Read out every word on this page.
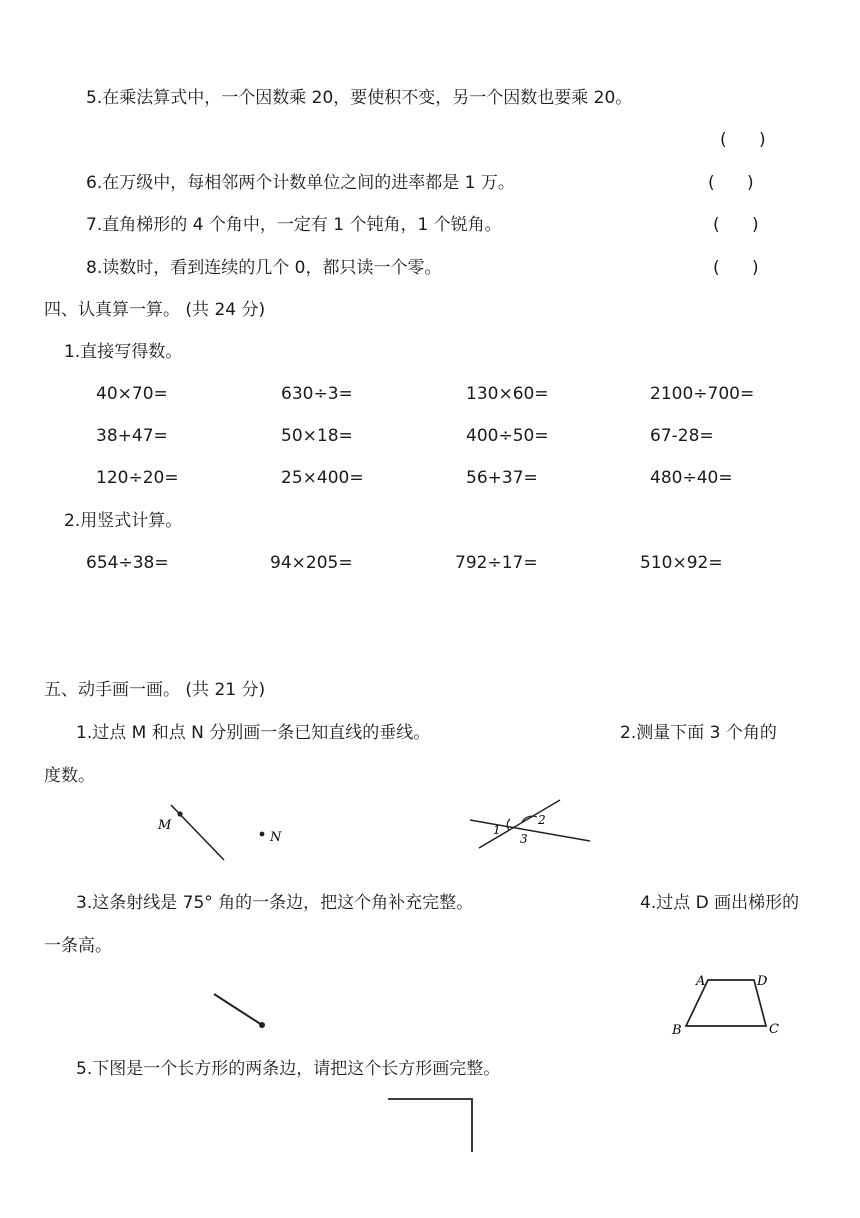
5.在乘法算式中，一个因数乘 20，要使积不变，另一个因数也要乘 20。
(      )
6.在万级中，每相邻两个计数单位之间的进率都是 1 万。	(      )
7.直角梯形的 4 个角中，一定有 1 个钝角，1 个锐角。	(      )
8.读数时，看到连续的几个 0，都只读一个零。	(      )
四、认真算一算。 (共 24 分)
1.直接写得数。
40×70=	630÷3=	130×60=	2100÷700=
38+47=	50×18=	400÷50=	67-28=
120÷20=	25×400=	56+37=	480÷40=
2.用竖式计算。
654÷38=	94×205=	792÷17=	510×92=
五、动手画一画。 (共 21 分)
1.过点 M 和点 N 分别画一条已知直线的垂线。	2.测量下面 3 个角的
度数。
M
N	1
2
3
3.这条射线是 75° 角的一条边，把这个角补充完整。	4.过点 D 画出梯形的
一条高。
A	D
B	C
5.下图是一个长方形的两条边，请把这个长方形画完整。
